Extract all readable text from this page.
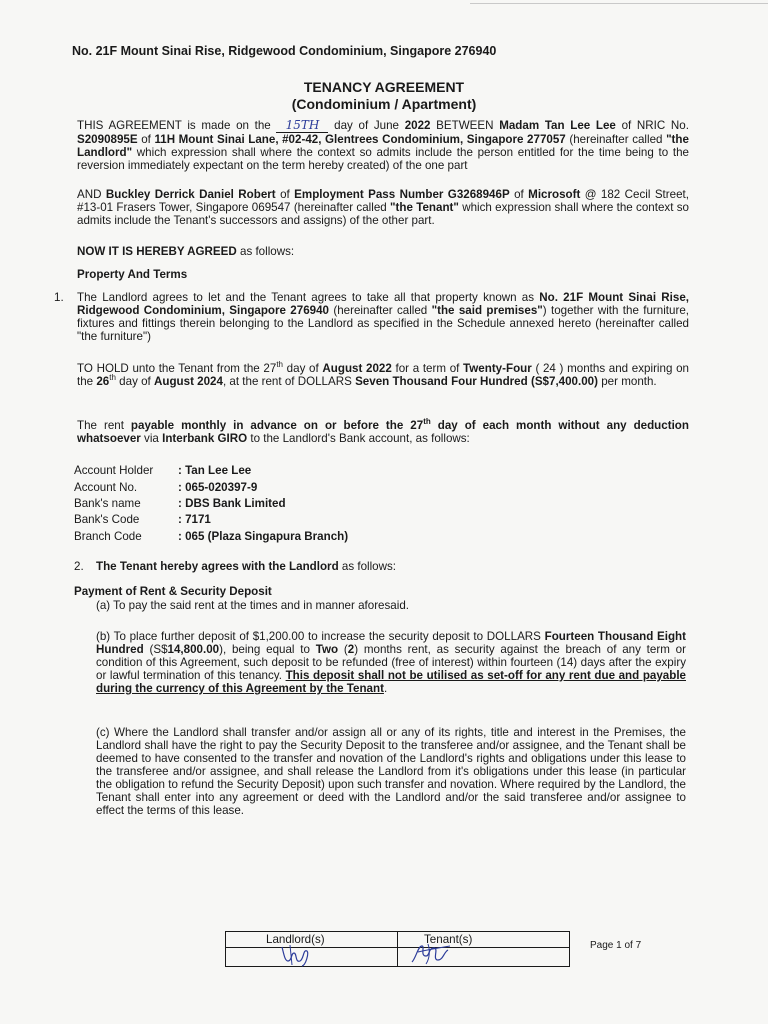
No. 21F Mount Sinai Rise, Ridgewood Condominium, Singapore 276940
TENANCY AGREEMENT
(Condominium / Apartment)
THIS AGREEMENT is made on the 15TH day of June 2022 BETWEEN Madam Tan Lee Lee of NRIC No. S2090895E of 11H Mount Sinai Lane, #02-42, Glentrees Condominium, Singapore 277057 (hereinafter called "the Landlord" which expression shall where the context so admits include the person entitled for the time being to the reversion immediately expectant on the term hereby created) of the one part
AND Buckley Derrick Daniel Robert of Employment Pass Number G3268946P of Microsoft @ 182 Cecil Street, #13-01 Frasers Tower, Singapore 069547 (hereinafter called "the Tenant" which expression shall where the context so admits include the Tenant's successors and assigns) of the other part.
NOW IT IS HEREBY AGREED as follows:
Property And Terms
1. The Landlord agrees to let and the Tenant agrees to take all that property known as No. 21F Mount Sinai Rise, Ridgewood Condominium, Singapore 276940 (hereinafter called "the said premises") together with the furniture, fixtures and fittings therein belonging to the Landlord as specified in the Schedule annexed hereto (hereinafter called "the furniture")
TO HOLD unto the Tenant from the 27th day of August 2022 for a term of Twenty-Four ( 24 ) months and expiring on the 26th day of August 2024, at the rent of DOLLARS Seven Thousand Four Hundred (S$7,400.00) per month.
The rent payable monthly in advance on or before the 27th day of each month without any deduction whatsoever via Interbank GIRO to the Landlord's Bank account, as follows:
Account Holder	: Tan Lee Lee
Account No.	: 065-020397-9
Bank's name	: DBS Bank Limited
Bank's Code	: 7171
Branch Code	: 065 (Plaza Singapura Branch)
2. The Tenant hereby agrees with the Landlord as follows:
Payment of Rent & Security Deposit
(a) To pay the said rent at the times and in manner aforesaid.
(b) To place further deposit of $1,200.00 to increase the security deposit to DOLLARS Fourteen Thousand Eight Hundred (S$14,800.00), being equal to Two (2) months rent, as security against the breach of any term or condition of this Agreement, such deposit to be refunded (free of interest) within fourteen (14) days after the expiry or lawful termination of this tenancy. This deposit shall not be utilised as set-off for any rent due and payable during the currency of this Agreement by the Tenant.
(c) Where the Landlord shall transfer and/or assign all or any of its rights, title and interest in the Premises, the Landlord shall have the right to pay the Security Deposit to the transferee and/or assignee, and the Tenant shall be deemed to have consented to the transfer and novation of the Landlord's rights and obligations under this lease to the transferee and/or assignee, and shall release the Landlord from it's obligations under this lease (in particular the obligation to refund the Security Deposit) upon such transfer and novation. Where required by the Landlord, the Tenant shall enter into any agreement or deed with the Landlord and/or the said transferee and/or assignee to effect the terms of this lease.
Landlord(s)	Tenant(s)	Page 1 of 7
